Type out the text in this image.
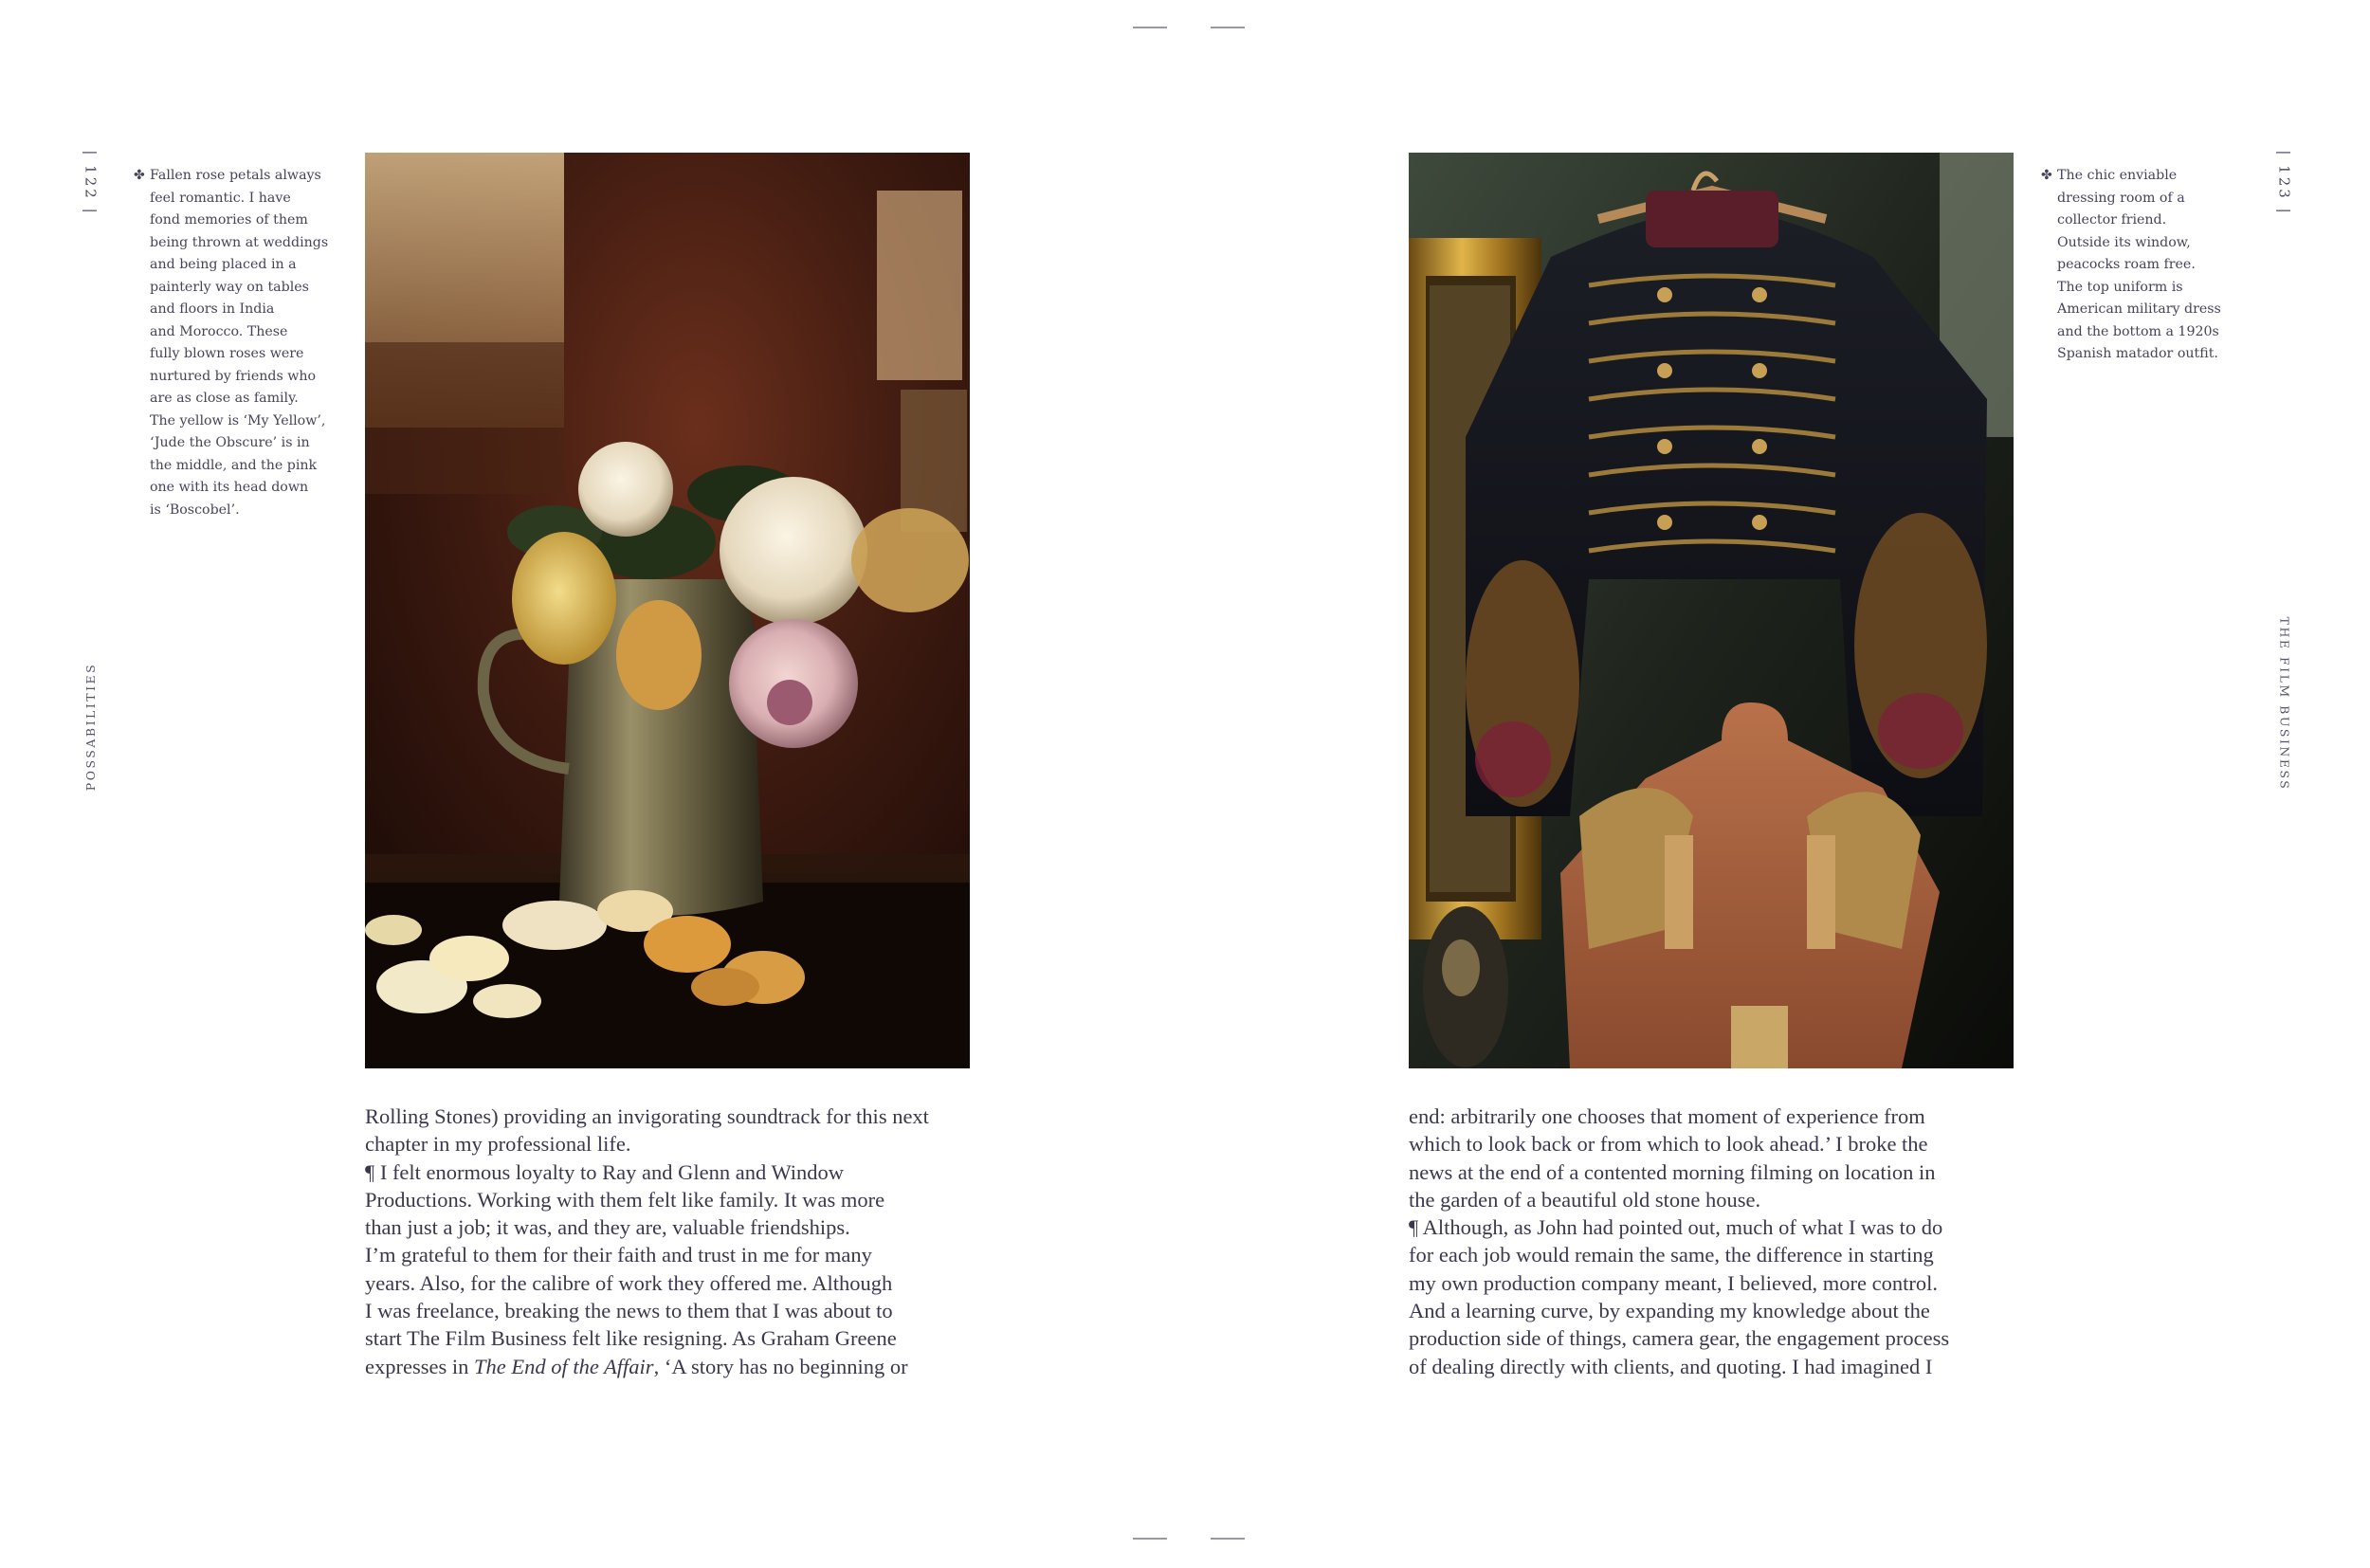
| 122 |
POSSABILITIES
✤ Fallen rose petals always
feel romantic. I have
fond memories of them
being thrown at weddings
and being placed in a
painterly way on tables
and floors in India
and Morocco. These
fully blown roses were
nurtured by friends who
are as close as family.
The yellow is ‘My Yellow’,
‘Jude the Obscure’ is in
the middle, and the pink
one with its head down
is ‘Boscobel’.
Rolling Stones) providing an invigorating soundtrack for this next
chapter in my professional life.
¶ I felt enormous loyalty to Ray and Glenn and Window
Productions. Working with them felt like family. It was more
than just a job; it was, and they are, valuable friendships.
I’m grateful to them for their faith and trust in me for many
years. Also, for the calibre of work they offered me. Although
I was freelance, breaking the news to them that I was about to
start The Film Business felt like resigning. As Graham Greene
expresses in The End of the Affair, ‘A story has no beginning or
| 123 |
THE FILM BUSINESS
✤ The chic enviable
dressing room of a
collector friend.
Outside its window,
peacocks roam free.
The top uniform is
American military dress
and the bottom a 1920s
Spanish matador outfit.
end: arbitrarily one chooses that moment of experience from
which to look back or from which to look ahead.’ I broke the
news at the end of a contented morning filming on location in
the garden of a beautiful old stone house.
¶ Although, as John had pointed out, much of what I was to do
for each job would remain the same, the difference in starting
my own production company meant, I believed, more control.
And a learning curve, by expanding my knowledge about the
production side of things, camera gear, the engagement process
of dealing directly with clients, and quoting. I had imagined I
